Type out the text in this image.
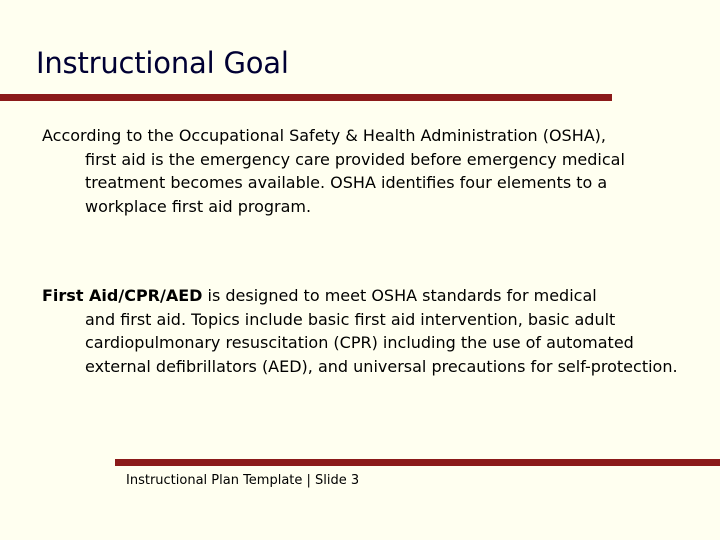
Instructional Goal

According to the Occupational Safety & Health Administration (OSHA),
first aid is the emergency care provided before emergency medical treatment becomes available. OSHA identifies four elements to a workplace first aid program.

First Aid/CPR/AED is designed to meet OSHA standards for medical
and first aid. Topics include basic first aid intervention, basic adult cardiopulmonary resuscitation (CPR) including the use of automated external defibrillators (AED), and universal precautions for self-protection.

Instructional Plan Template | Slide 3
